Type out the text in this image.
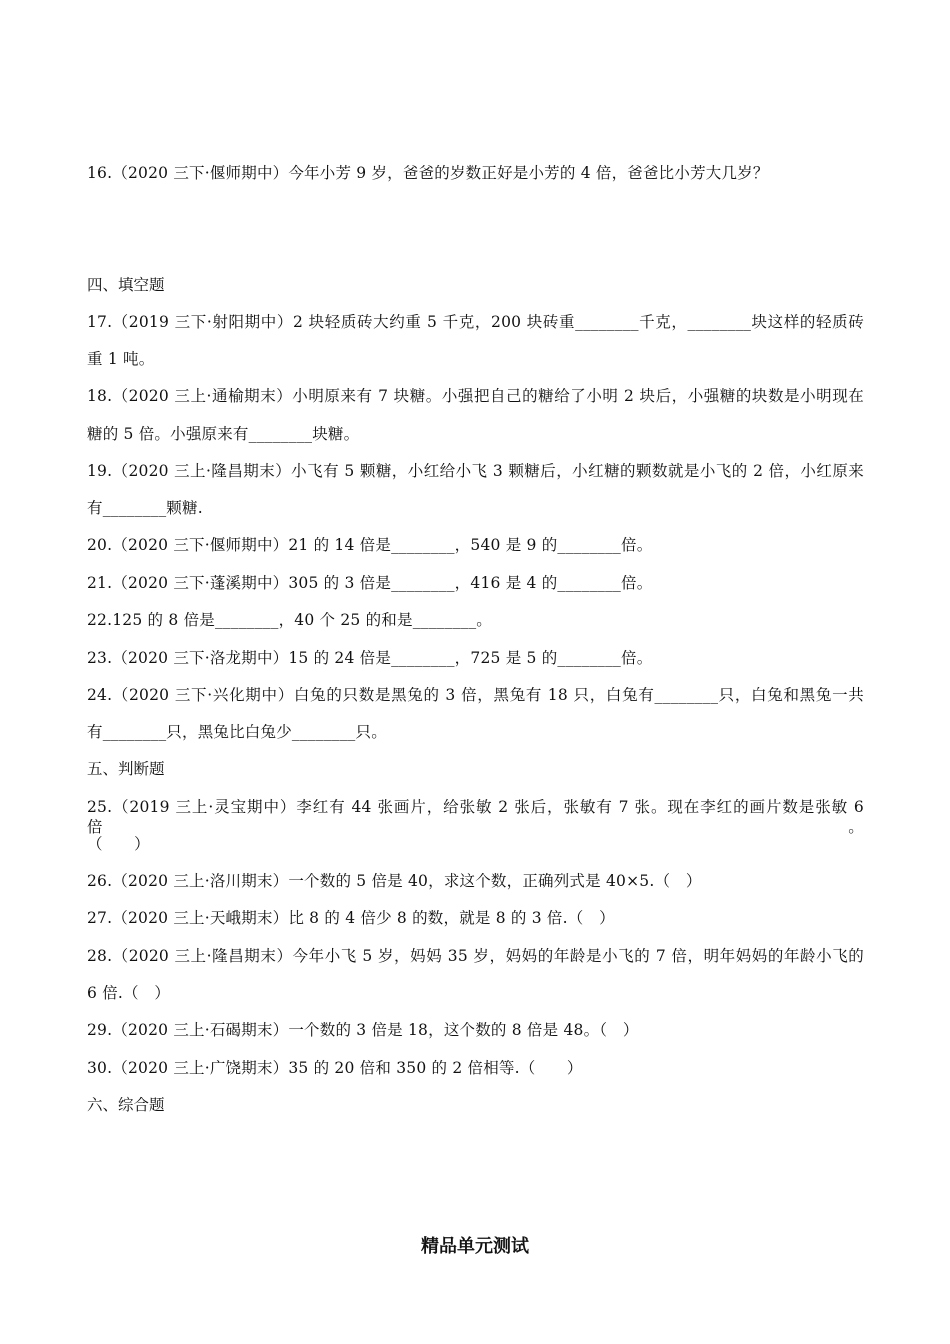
16.（2020 三下·偃师期中）今年小芳 9 岁，爸爸的岁数正好是小芳的 4 倍，爸爸比小芳大几岁？
四、填空题
17.（2019 三下·射阳期中）2 块轻质砖大约重 5 千克，200 块砖重________千克，________块这样的轻质砖
重 1 吨。
18.（2020 三上·通榆期末）小明原来有 7 块糖。小强把自己的糖给了小明 2 块后，小强糖的块数是小明现在
糖的 5 倍。小强原来有________块糖。
19.（2020 三上·隆昌期末）小飞有 5 颗糖，小红给小飞 3 颗糖后，小红糖的颗数就是小飞的 2 倍，小红原来
有________颗糖.
20.（2020 三下·偃师期中）21 的 14 倍是________，540 是 9 的________倍。
21.（2020 三下·蓬溪期中）305 的 3 倍是________，416 是 4 的________倍。
22.125 的 8 倍是________，40 个 25 的和是________。
23.（2020 三下·洛龙期中）15 的 24 倍是________，725 是 5 的________倍。
24.（2020 三下·兴化期中）白兔的只数是黑兔的 3 倍，黑兔有 18 只，白兔有________只，白兔和黑兔一共
有________只，黑兔比白兔少________只。
五、判断题
25.（2019 三上·灵宝期中）李红有 44 张画片，给张敏 2 张后，张敏有 7 张。现在李红的画片数是张敏 6 倍。
（　　）
26.（2020 三上·洛川期末）一个数的 5 倍是 40，求这个数，正确列式是 40×5.（　）
27.（2020 三上·天峨期末）比 8 的 4 倍少 8 的数，就是 8 的 3 倍.（　）
28.（2020 三上·隆昌期末）今年小飞 5 岁，妈妈 35 岁，妈妈的年龄是小飞的 7 倍，明年妈妈的年龄小飞的
6 倍.（　）
29.（2020 三上·石碣期末）一个数的 3 倍是 18，这个数的 8 倍是 48。（　）
30.（2020 三上·广饶期末）35 的 20 倍和 350 的 2 倍相等.（　　）
六、综合题
精品单元测试
